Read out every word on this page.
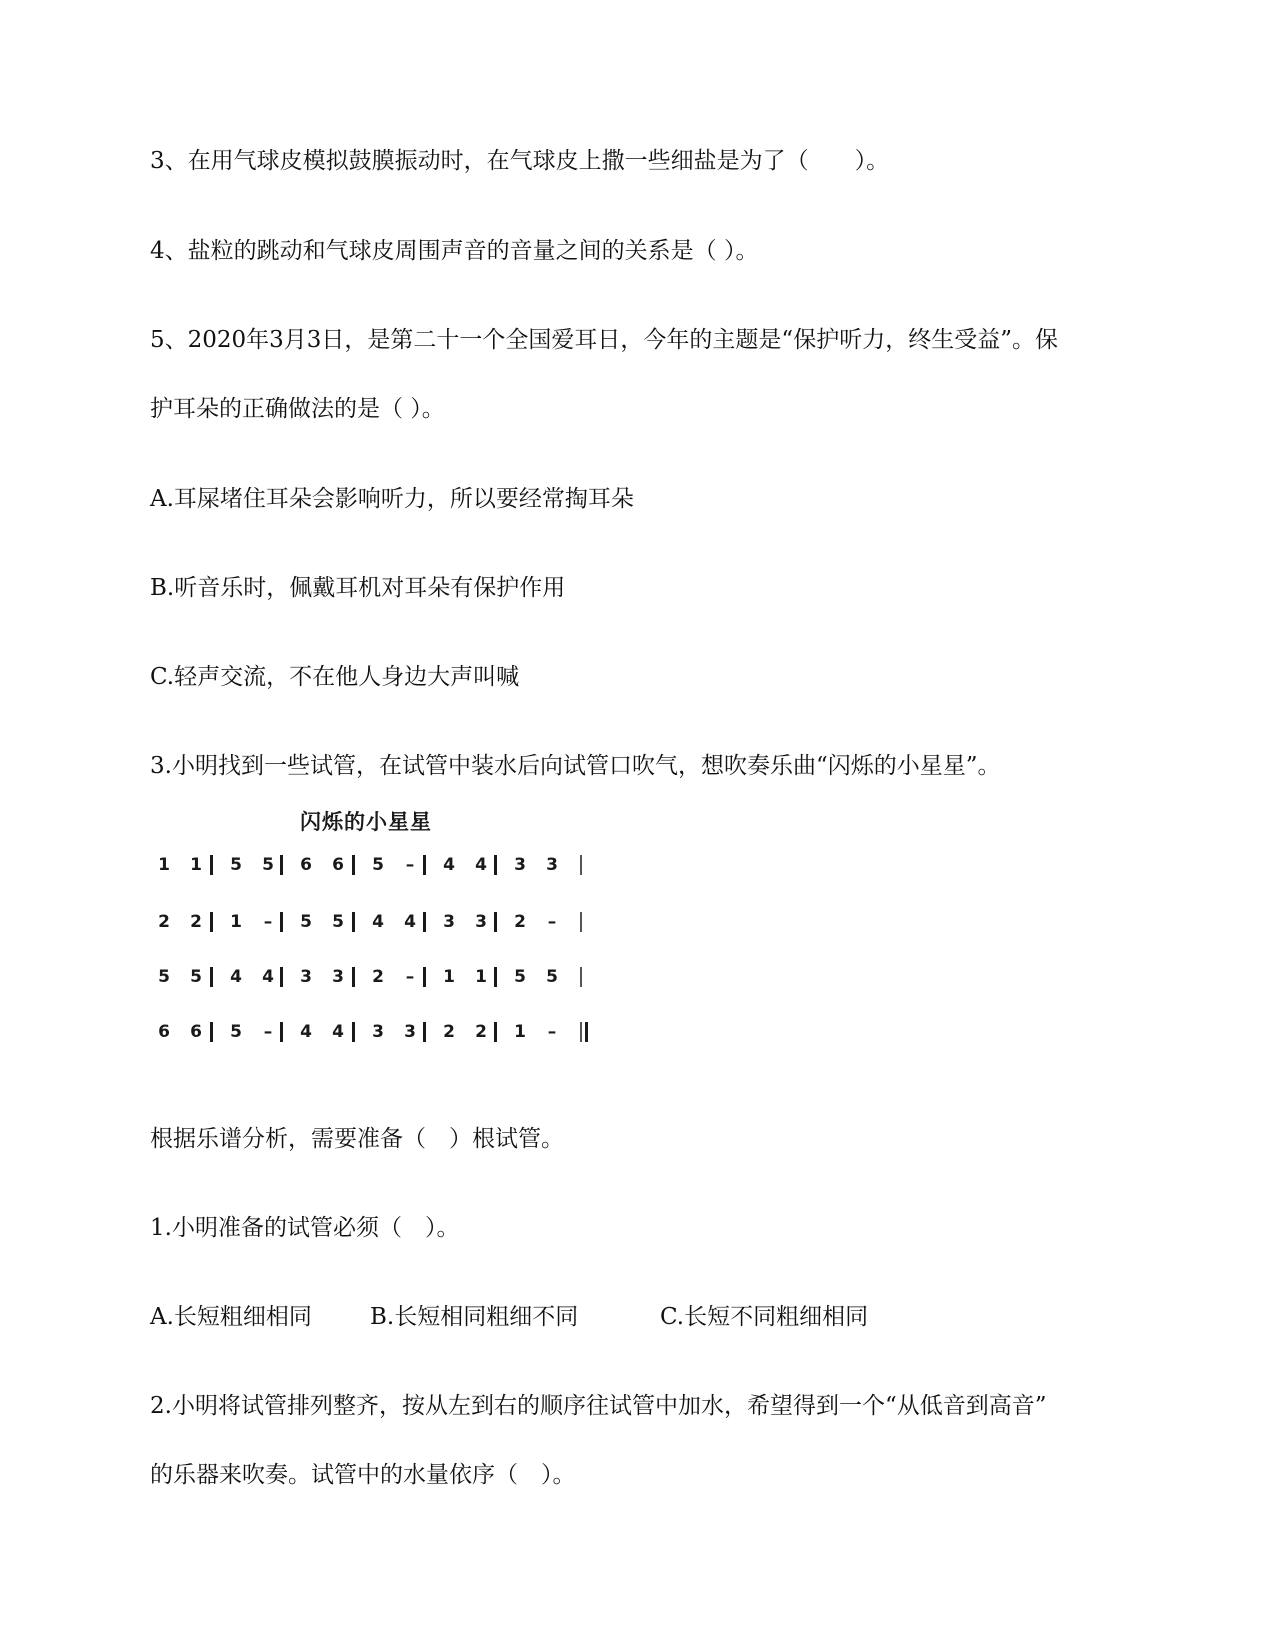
3、在用气球皮模拟鼓膜振动时，在气球皮上撒一些细盐是为了（　　）。
4、盐粒的跳动和气球皮周围声音的音量之间的关系是（ ）。
5、2020年3月3日，是第二十一个全国爱耳日，今年的主题是“保护听力，终生受益”。保
护耳朵的正确做法的是（ ）。
A.耳屎堵住耳朵会影响听力，所以要经常掏耳朵
B.听音乐时，佩戴耳机对耳朵有保护作用
C.轻声交流，不在他人身边大声叫喊
3.小明找到一些试管，在试管中装水后向试管口吹气，想吹奏乐曲“闪烁的小星星”。
闪烁的小星星
1 1 5 5 6 6 5 – 4 4 3 3
2 2 1 – 5 5 4 4 3 3 2 –
5 5 4 4 3 3 2 – 1 1 5 5
6 6 5 – 4 4 3 3 2 2 1 –
根据乐谱分析，需要准备（　）根试管。
1.小明准备的试管必须（　）。
A.长短粗细相同	B.长短相同粗细不同	C.长短不同粗细相同
2.小明将试管排列整齐，按从左到右的顺序往试管中加水，希望得到一个“从低音到高音”
的乐器来吹奏。试管中的水量依序（　）。
